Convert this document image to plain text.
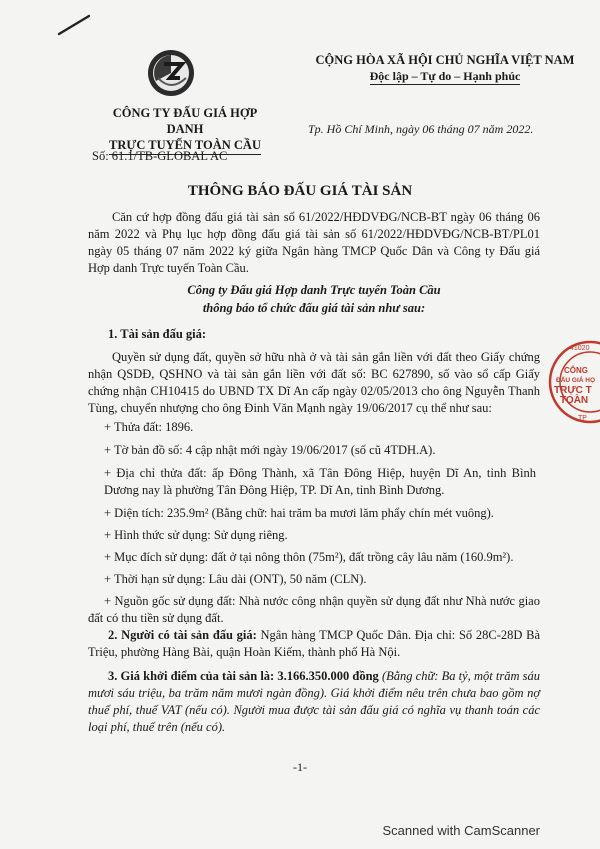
CÔNG TY ĐẤU GIÁ HỢP DANH
TRỰC TUYẾN TOÀN CẦU
Số: 61.1/TB-GLOBAL AC
CỘNG HÒA XÃ HỘI CHỦ NGHĨA VIỆT NAM
Độc lập – Tự do – Hạnh phúc
Tp. Hồ Chí Minh, ngày 06 tháng 07 năm 2022.
THÔNG BÁO ĐẤU GIÁ TÀI SẢN
Căn cứ hợp đồng đấu giá tài sản số 61/2022/HĐDVĐG/NCB-BT ngày 06 tháng 06 năm 2022 và Phụ lục hợp đồng đấu giá tài sản số 61/2022/HĐDVĐG/NCB-BT/PL01 ngày 05 tháng 07 năm 2022 ký giữa Ngân hàng TMCP Quốc Dân và Công ty Đấu giá Hợp danh Trực tuyến Toàn Cầu.
Công ty Đấu giá Hợp danh Trực tuyến Toàn Cầu
thông báo tổ chức đấu giá tài sản như sau:
1. Tài sản đấu giá:
Quyền sử dụng đất, quyền sở hữu nhà ở và tài sản gắn liền với đất theo Giấy chứng nhận QSDĐ, QSHNO và tài sản gắn liền với đất số: BC 627890, số vào sổ cấp Giấy chứng nhận CH10415 do UBND TX Dĩ An cấp ngày 02/05/2013 cho ông Nguyễn Thanh Tùng, chuyển nhượng cho ông Đinh Văn Mạnh ngày 19/06/2017 cụ thể như sau:
+ Thửa đất: 1896.
+ Tờ bản đồ số: 4 cập nhật mới ngày 19/06/2017 (số cũ 4TDH.A).
+ Địa chỉ thửa đất: ấp Đông Thành, xã Tân Đông Hiệp, huyện Dĩ An, tỉnh Bình Dương nay là phường Tân Đông Hiệp, TP. Dĩ An, tỉnh Bình Dương.
+ Diện tích: 235.9m² (Bằng chữ: hai trăm ba mươi lăm phẩy chín mét vuông).
+ Hình thức sử dụng: Sử dụng riêng.
+ Mục đích sử dụng: đất ở tại nông thôn (75m²), đất trồng cây lâu năm (160.9m²).
+ Thời hạn sử dụng: Lâu dài (ONT), 50 năm (CLN).
+ Nguồn gốc sử dụng đất: Nhà nước công nhận quyền sử dụng đất như Nhà nước giao đất có thu tiền sử dụng đất.
2. Người có tài sản đấu giá: Ngân hàng TMCP Quốc Dân. Địa chỉ: Số 28C-28D Bà Triệu, phường Hàng Bài, quận Hoàn Kiếm, thành phố Hà Nội.
3. Giá khởi điểm của tài sản là: 3.166.350.000 đồng (Bằng chữ: Ba tỷ, một trăm sáu mươi sáu triệu, ba trăm năm mươi ngàn đồng). Giá khởi điểm nêu trên chưa bao gồm nợ thuế phí, thuế VAT (nếu có). Người mua được tài sản đấu giá có nghĩa vụ thanh toán các loại phí, thuế trên (nếu có).
-1-
41020
CÔNG
ĐẤU GIÁ HỌ
TRỰC T
TOÀN
TP
Scanned with CamScanner
